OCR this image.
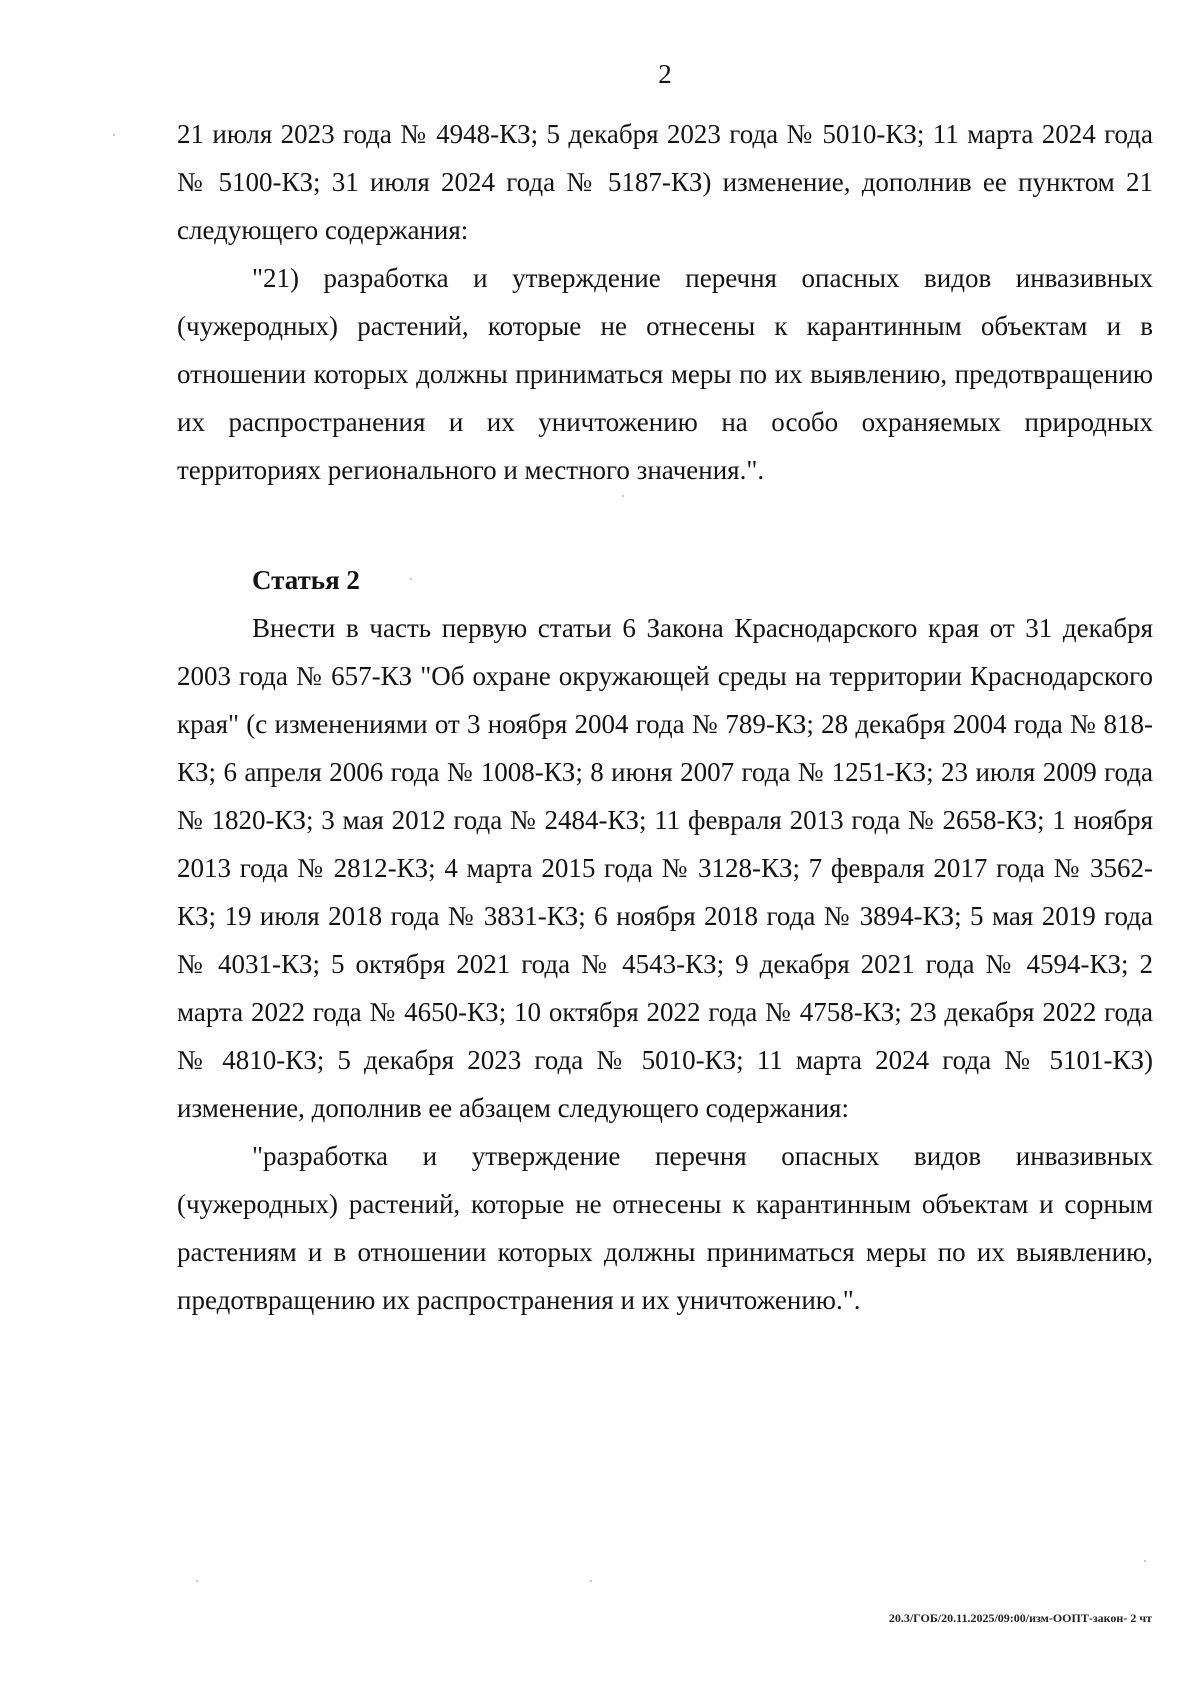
2

21 июля 2023 года № 4948-КЗ; 5 декабря 2023 года № 5010-КЗ; 11 марта 2024 года № 5100-КЗ; 31 июля 2024 года № 5187-КЗ) изменение, дополнив ее пунктом 21 следующего содержания:

"21) разработка и утверждение перечня опасных видов инвазивных (чужеродных) растений, которые не отнесены к карантинным объектам и в отношении которых должны приниматься меры по их выявлению, предотвращению их распространения и их уничтожению на особо охраняемых природных территориях регионального и местного значения.".

Статья 2

Внести в часть первую статьи 6 Закона Краснодарского края от 31 декабря 2003 года № 657-КЗ "Об охране окружающей среды на территории Краснодарского края" (с изменениями от 3 ноября 2004 года № 789-КЗ; 28 декабря 2004 года № 818-КЗ; 6 апреля 2006 года № 1008-КЗ; 8 июня 2007 года № 1251-КЗ; 23 июля 2009 года № 1820-КЗ; 3 мая 2012 года № 2484-КЗ; 11 февраля 2013 года № 2658-КЗ; 1 ноября 2013 года № 2812-КЗ; 4 марта 2015 года № 3128-КЗ; 7 февраля 2017 года № 3562-КЗ; 19 июля 2018 года № 3831-КЗ; 6 ноября 2018 года № 3894-КЗ; 5 мая 2019 года № 4031-КЗ; 5 октября 2021 года № 4543-КЗ; 9 декабря 2021 года № 4594-КЗ; 2 марта 2022 года № 4650-КЗ; 10 октября 2022 года № 4758-КЗ; 23 декабря 2022 года № 4810-КЗ; 5 декабря 2023 года № 5010-КЗ; 11 марта 2024 года № 5101-КЗ) изменение, дополнив ее абзацем следующего содержания:

"разработка и утверждение перечня опасных видов инвазивных (чужеродных) растений, которые не отнесены к карантинным объектам и сорным растениям и в отношении которых должны приниматься меры по их выявлению, предотвращению их распространения и их уничтожению.".

20.3/ГОБ/20.11.2025/09:00/изм-ООПТ-закон- 2 чт
